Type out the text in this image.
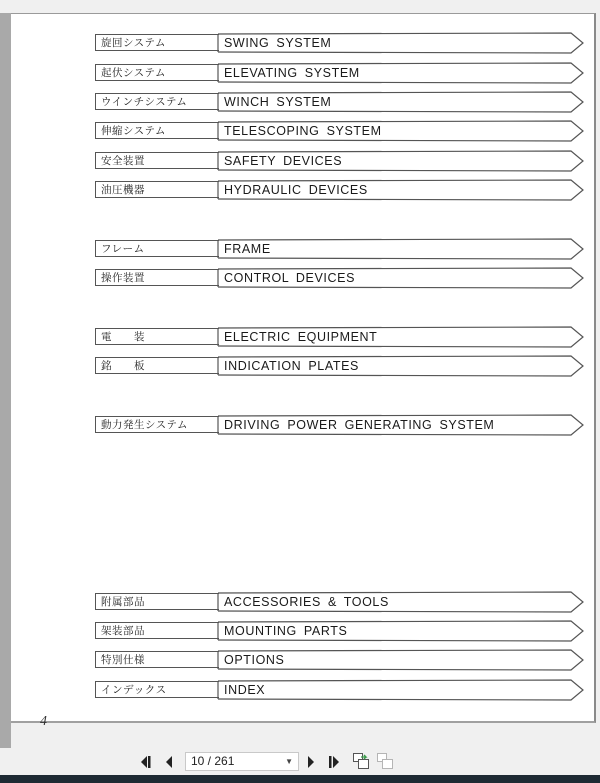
4
旋回システム	SWING SYSTEM
起伏システム	ELEVATING SYSTEM
ウインチシステム	WINCH SYSTEM
伸縮システム	TELESCOPING SYSTEM
安全装置	SAFETY DEVICES
油圧機器	HYDRAULIC DEVICES
フレーム	FRAME
操作装置	CONTROL DEVICES
電　　装	ELECTRIC EQUIPMENT
銘　　板	INDICATION PLATES
動力発生システム	DRIVING POWER GENERATING SYSTEM
附属部品	ACCESSORIES & TOOLS
架装部品	MOUNTING PARTS
特別仕様	OPTIONS
インデックス	INDEX
10 / 261	▼
